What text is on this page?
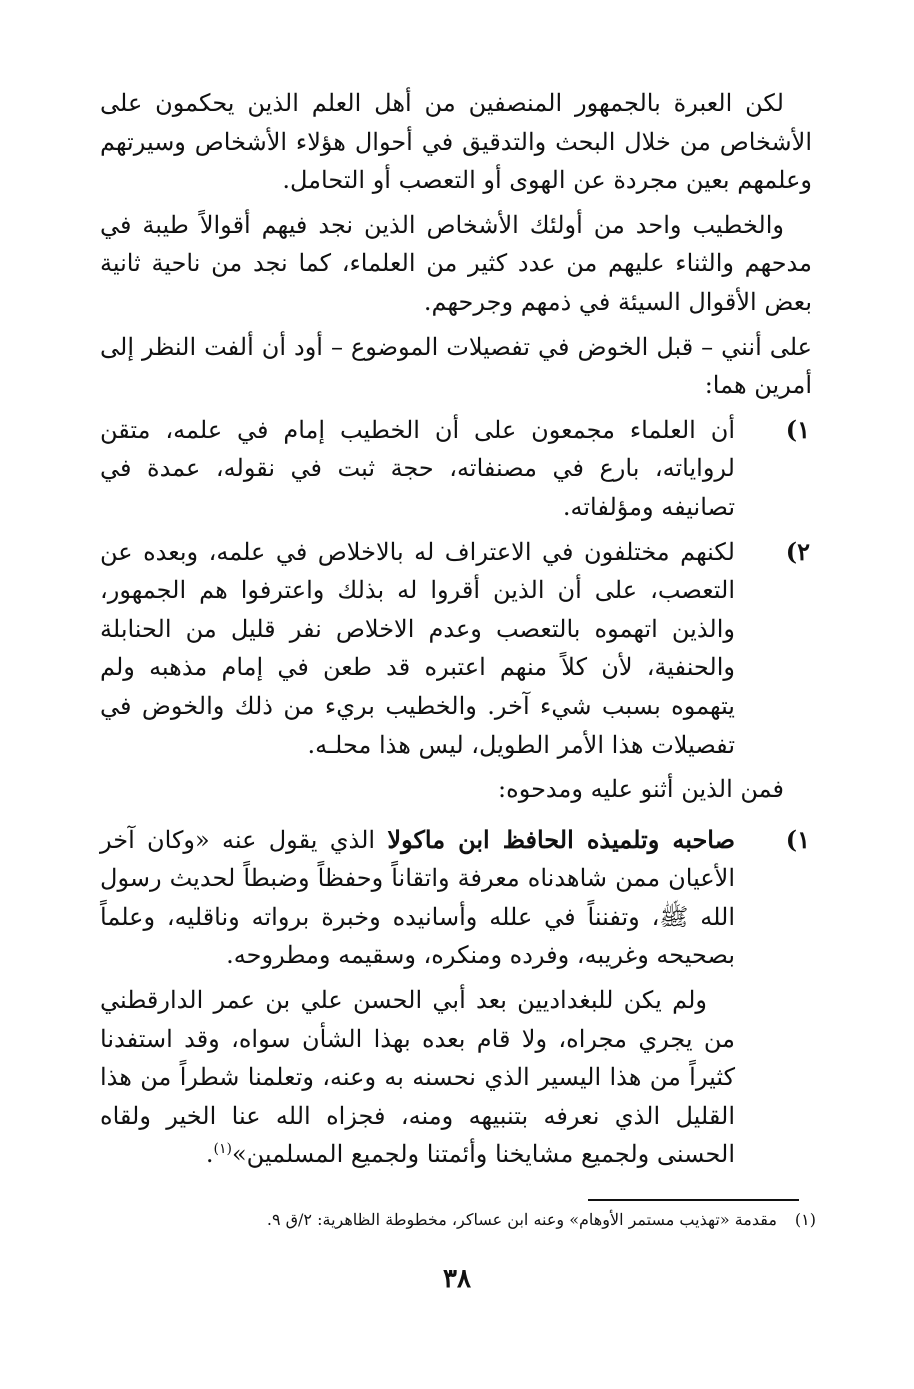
لكن العبرة بالجمهور المنصفين من أهل العلم الذين يحكمون على الأشخاص من خلال البحث والتدقيق في أحوال هؤلاء الأشخاص وسيرتهم وعلمهم بعين مجردة عن الهوى أو التعصب أو التحامل.

والخطيب واحد من أولئك الأشخاص الذين نجد فيهم أقوالاً طيبة في مدحهم والثناء عليهم من عدد كثير من العلماء، كما نجد من ناحية ثانية بعض الأقوال السيئة في ذمهم وجرحهم.

على أنني – قبل الخوض في تفصيلات الموضوع – أود أن ألفت النظر إلى أمرين هما:

١)

أن العلماء مجمعون على أن الخطيب إمام في علمه، متقن لرواياته، بارع في مصنفاته، حجة ثبت في نقوله، عمدة في تصانيفه ومؤلفاته.

٢)

لكنهم مختلفون في الاعتراف له بالاخلاص في علمه، وبعده عن التعصب، على أن الذين أقروا له بذلك واعترفوا هم الجمهور، والذين اتهموه بالتعصب وعدم الاخلاص نفر قليل من الحنابلة والحنفية، لأن كلاً منهم اعتبره قد طعن في إمام مذهبه ولم يتهموه بسبب شيء آخر. والخطيب بريء من ذلك والخوض في تفصيلات هذا الأمر الطويل، ليس هذا محلـه.

فمن الذين أثنو عليه ومدحوه:

١)

صاحبه وتلميذه الحافظ ابن ماكولا الذي يقول عنه «وكان آخر الأعيان ممن شاهدناه معرفة واتقاناً وحفظاً وضبطاً لحديث رسول الله ﷺ، وتفنناً في علله وأسانيده وخبرة برواته وناقليه، وعلماً بصحيحه وغريبه، وفرده ومنكره، وسقيمه ومطروحه.

ولم يكن للبغداديين بعد أبي الحسن علي بن عمر الدارقطني من يجري مجراه، ولا قام بعده بهذا الشأن سواه، وقد استفدنا كثيراً من هذا اليسير الذي نحسنه به وعنه، وتعلمنا شطراً من هذا القليل الذي نعرفه بتنبيهه ومنه، فجزاه الله عنا الخير ولقاه الحسنى ولجميع مشايخنا وأئمتنا ولجميع المسلمين»$^{(١)}$.

(١)مقدمة «تهذيب مستمر الأوهام» وعنه ابن عساكر، مخطوطة الظاهرية: ٢/ق ٩.
٣٨
